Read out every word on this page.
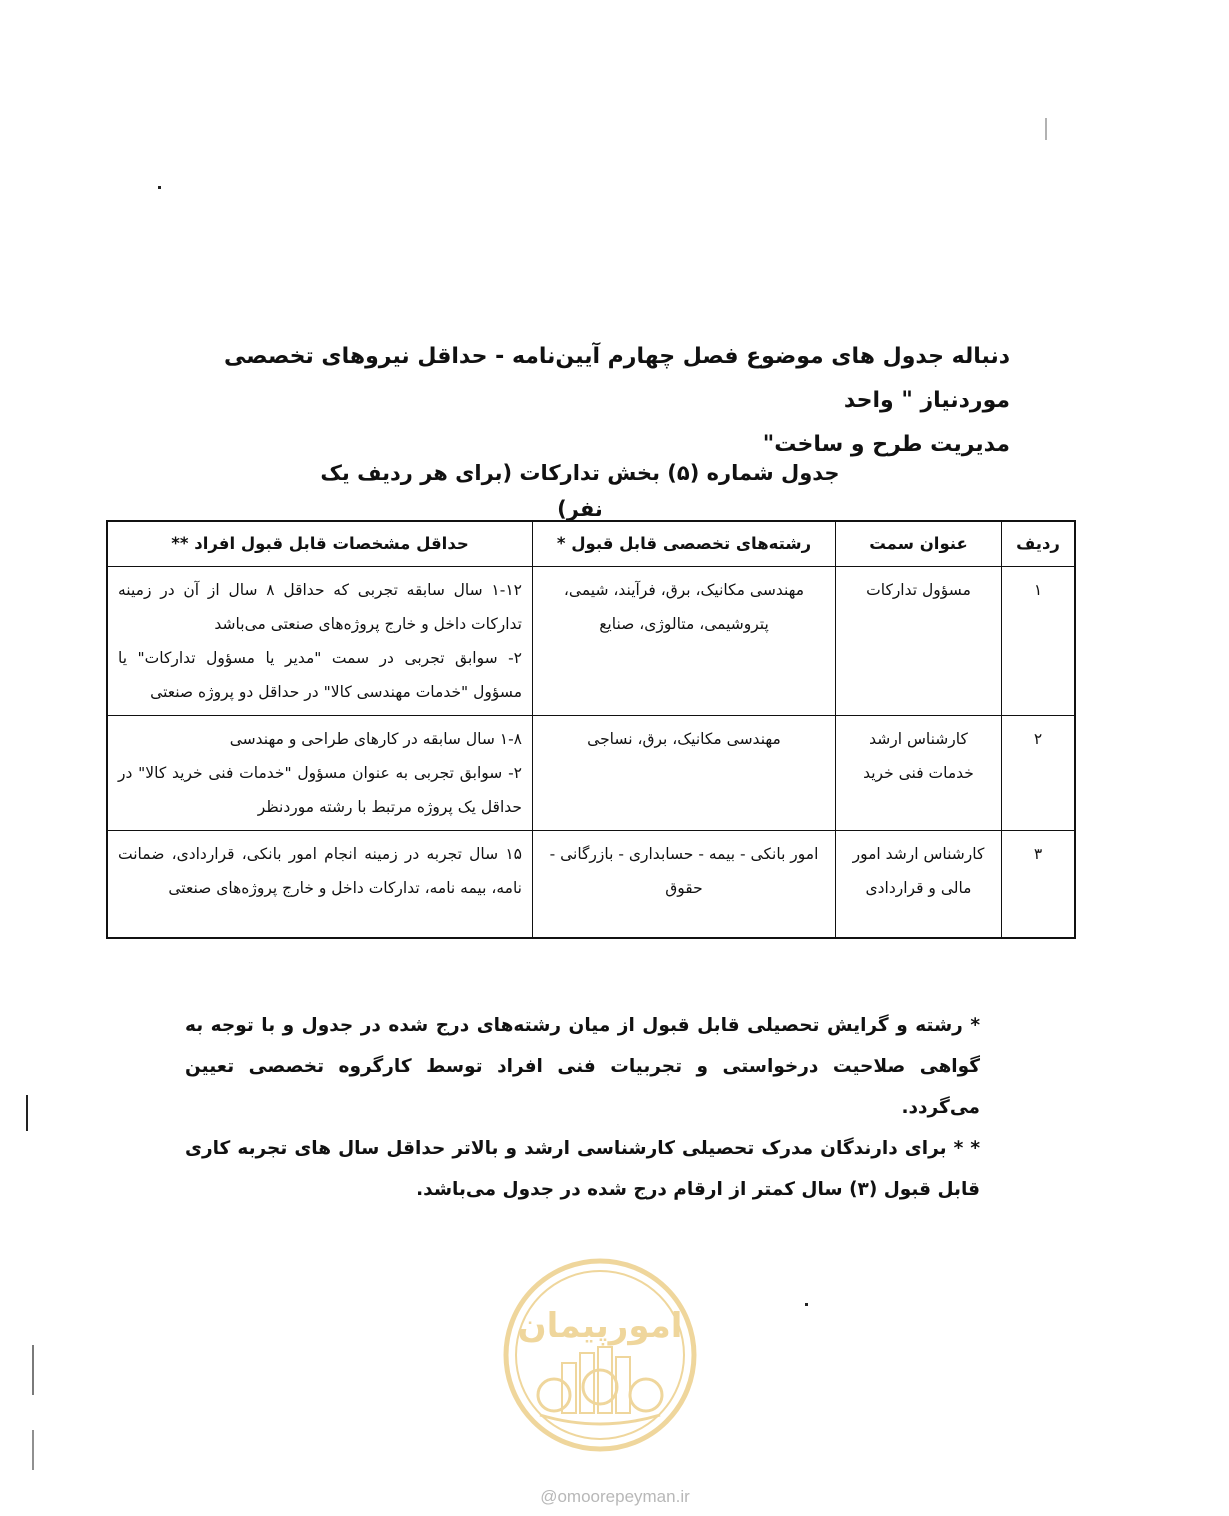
دنباله جدول های موضوع فصل چهارم آیین‌نامه - حداقل نیروهای تخصصی موردنیاز " واحد
مدیریت طرح و ساخت"
جدول شماره (۵) بخش تدارکات (برای هر ردیف یک نفر)
ردیف	عنوان سمت	رشته‌های تخصصی قابل قبول *	حداقل مشخصات قابل قبول افراد **
۱	مسؤول تدارکات	مهندسی مکانیک، برق، فرآیند، شیمی، پتروشیمی، متالوژی، صنایع	۱-۱۲ سال سابقه تجربی که حداقل ۸ سال از آن در زمینه تدارکات داخل و خارج پروژه‌های صنعتی می‌باشد
۲- سوابق تجربی در سمت "مدیر یا مسؤول تدارکات" یا مسؤول "خدمات مهندسی کالا" در حداقل دو پروژه صنعتی

۲	کارشناس ارشد خدمات فنی خرید	مهندسی مکانیک، برق، نساجی	۱-۸ سال سابقه در کارهای طراحی و مهندسی
۲- سوابق تجربی به عنوان مسؤول "خدمات فنی خرید کالا" در حداقل یک پروژه مرتبط با رشته موردنظر

۳	کارشناس ارشد امور مالی و قراردادی	امور بانکی - بیمه - حسابداری - بازرگانی - حقوق	۱۵ سال تجربه در زمینه انجام امور بانکی، قراردادی، ضمانت نامه، بیمه نامه، تدارکات داخل و خارج پروژه‌های صنعتی

* رشته و گرایش تحصیلی قابل قبول از میان رشته‌های درج شده در جدول و با توجه به گواهی صلاحیت درخواستی و تجربیات فنی افراد توسط کارگروه تخصصی تعیین می‌گردد.

* * برای دارندگان مدرک تحصیلی کارشناسی ارشد و بالاتر حداقل سال های تجربه کاری قابل قبول (۳) سال کمتر از ارقام درج شده در جدول می‌باشد.

امورپیمان
@omoorepeyman.ir
